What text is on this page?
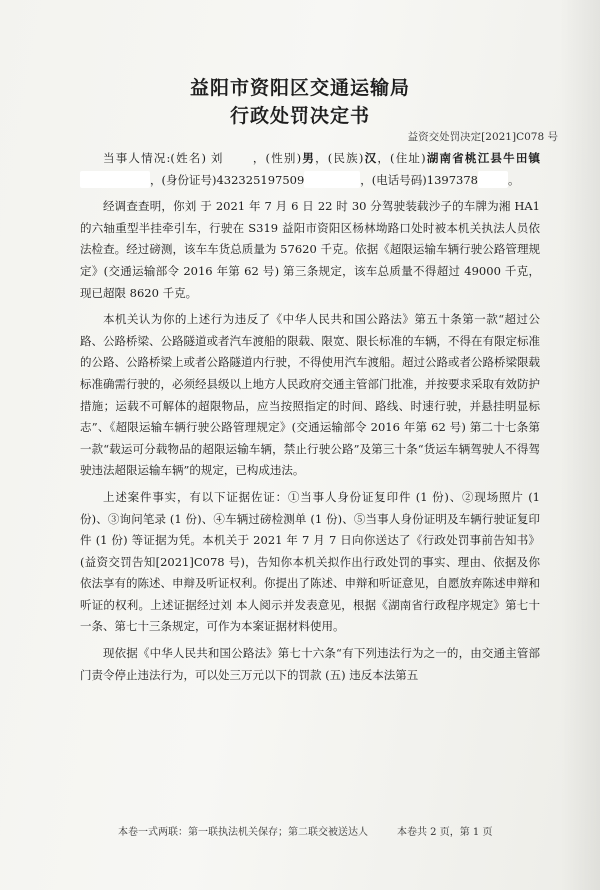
益阳市资阳区交通运输局
行政处罚决定书
益资交处罚决定[2021]C078 号

当事人情况:(姓名) 刘      ，(性别)男，(民族)汉，(住址)湖南省桃江县牛田镇，(身份证号)432325197509	，(电话号码)1397378	。

经调查查明，你刘 于 2021 年 7 月 6 日 22 时 30 分驾驶装载沙子的车牌为湘 HA1 的六轴重型半挂牵引车，行驶在 S319 益阳市资阳区杨林坳路口处时被本机关执法人员依法检查。经过磅测，该车车货总质量为 57620 千克。依据《超限运输车辆行驶公路管理规定》(交通运输部令 2016 年第 62 号) 第三条规定，该车总质量不得超过 49000 千克，现已超限 8620 千克。

本机关认为你的上述行为违反了《中华人民共和国公路法》第五十条第一款“超过公路、公路桥梁、公路隧道或者汽车渡船的限载、限宽、限长标准的车辆，不得在有限定标准的公路、公路桥梁上或者公路隧道内行驶，不得使用汽车渡船。超过公路或者公路桥梁限载标准确需行驶的，必须经县级以上地方人民政府交通主管部门批准，并按要求采取有效防护措施；运载不可解体的超限物品，应当按照指定的时间、路线、时速行驶，并悬挂明显标志”、《超限运输车辆行驶公路管理规定》(交通运输部令 2016 年第 62 号) 第二十七条第一款“载运可分载物品的超限运输车辆，禁止行驶公路”及第三十条“货运车辆驾驶人不得驾驶违法超限运输车辆”的规定，已构成违法。

上述案件事实，有以下证据佐证：①当事人身份证复印件 (1 份)、②现场照片 (1 份)、③询问笔录 (1 份)、④车辆过磅检测单 (1 份)、⑤当事人身份证明及车辆行驶证复印件 (1 份) 等证据为凭。本机关于 2021 年 7 月 7 日向你送达了《行政处罚事前告知书》(益资交罚告知[2021]C078 号)，告知你本机关拟作出行政处罚的事实、理由、依据及你依法享有的陈述、申辩及听证权利。你提出了陈述、申辩和听证意见，自愿放弃陈述申辩和听证的权利。上述证据经过刘 本人阅示并发表意见，根据《湖南省行政程序规定》第七十一条、第七十三条规定，可作为本案证据材料使用。

现依据《中华人民共和国公路法》第七十六条“有下列违法行为之一的，由交通主管部门责令停止违法行为，可以处三万元以下的罚款 (五) 违反本法第五

本卷一式两联：第一联执法机关保存；第二联交被送达人	本卷共 2 页，第 1 页
